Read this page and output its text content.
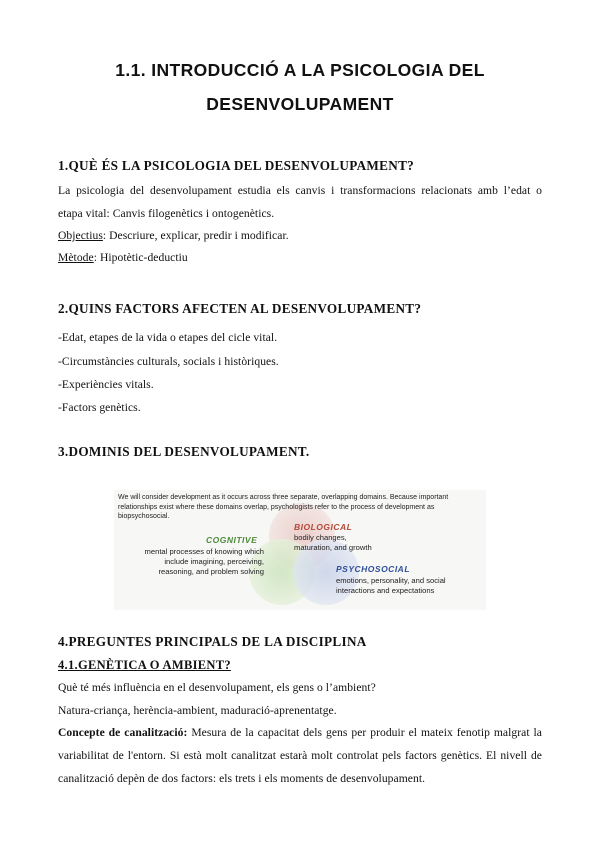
1.1. INTRODUCCIÓ A LA PSICOLOGIA DEL
DESENVOLUPAMENT
1.QUÈ ÉS LA PSICOLOGIA DEL DESENVOLUPAMENT?
La psicologia del desenvolupament estudia els canvis i transformacions relacionats amb l’edat o
etapa vital: Canvis filogenètics i ontogenètics.
Objectius: Descriure, explicar, predir i modificar.
Mètode: Hipotètic-deductiu
2.QUINS FACTORS AFECTEN AL DESENVOLUPAMENT?
-Edat, etapes de la vida o etapes del cicle vital.
-Circumstàncies culturals, socials i històriques.
-Experiències vitals.
-Factors genètics.
3.DOMINIS DEL DESENVOLUPAMENT.
We will consider development as it occurs across three separate, overlapping domains. Because important relationships exist where these domains overlap, psychologists refer to the process of development as biopsychosocial.
BIOLOGICAL
bodily changes,
maturation, and growth
COGNITIVE
mental processes of knowing which
include imagining, perceiving,
reasoning, and problem solving	PSYCHOSOCIAL
emotions, personality, and social
interactions and expectations
4.PREGUNTES PRINCIPALS DE LA DISCIPLINA
4.1.GENÈTICA O AMBIENT?
Què té més influència en el desenvolupament, els gens o l’ambient?
Natura-criança, herència-ambient, maduració-aprenentatge.
Concepte de canalització: Mesura de la capacitat dels gens per produir el mateix fenotip malgrat la
variabilitat de l'entorn. Si està molt canalitzat estarà molt controlat pels factors genètics. El nivell de
canalització depèn de dos factors: els trets i els moments de desenvolupament.
